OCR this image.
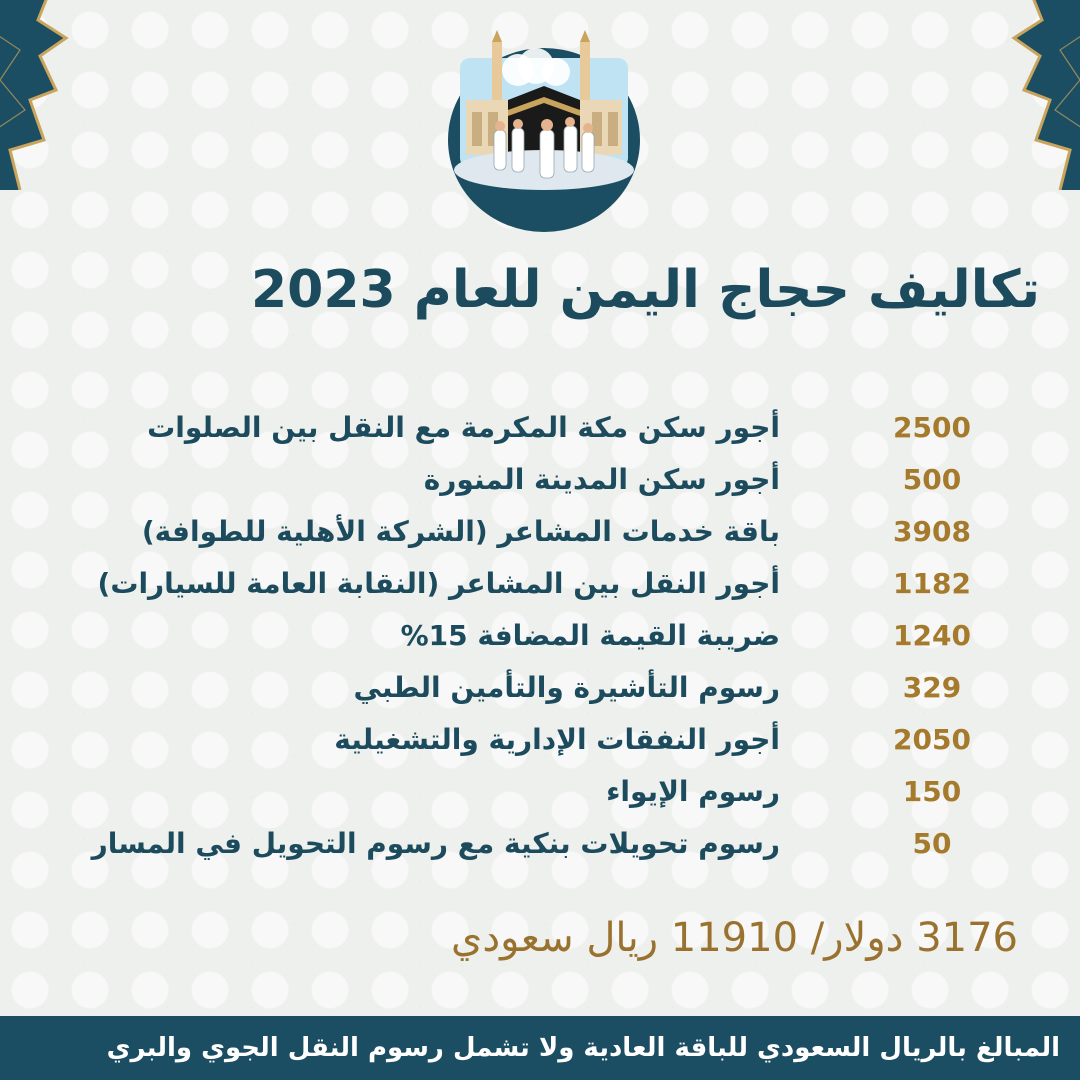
تكاليف حجاج اليمن للعام 2023
أجور سكن مكة المكرمة مع النقل بين الصلوات	2500
أجور سكن المدينة المنورة	500
باقة خدمات المشاعر (الشركة الأهلية للطوافة)	3908
أجور النقل بين المشاعر (النقابة العامة للسيارات)	1182
ضريبة القيمة المضافة 15%	1240
رسوم التأشيرة والتأمين الطبي	329
أجور النفقات الإدارية والتشغيلية	2050
رسوم الإيواء	150
رسوم تحويلات بنكية مع رسوم التحويل في المسار	50
3176 دولار/ 11910 ريال سعودي
المبالغ بالريال السعودي للباقة العادية ولا تشمل رسوم النقل الجوي والبري
